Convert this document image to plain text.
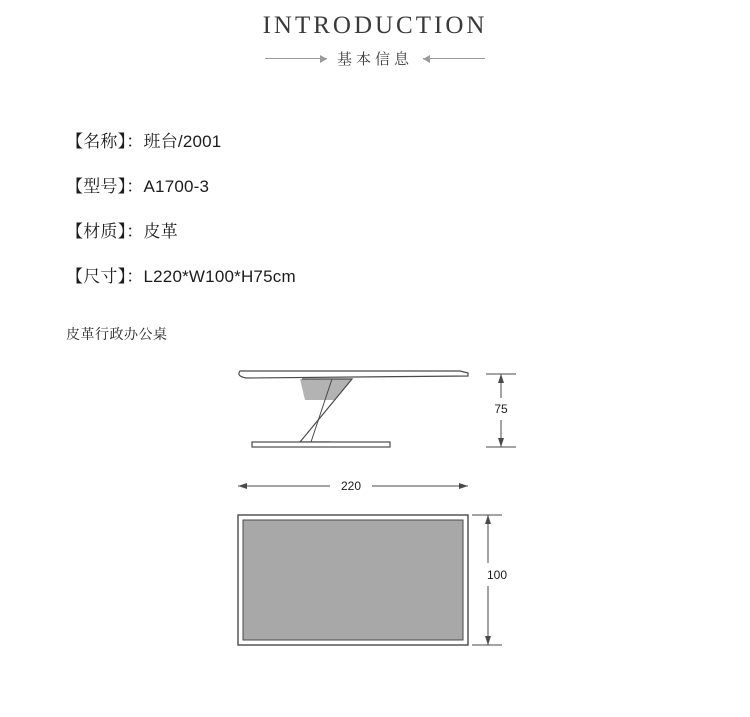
INTRODUCTION
基本信息
【名称】：班台/2001
【型号】：A1700-3
【材质】：皮革
【尺寸】：L220*W100*H75cm
皮革行政办公桌
75
220
100
